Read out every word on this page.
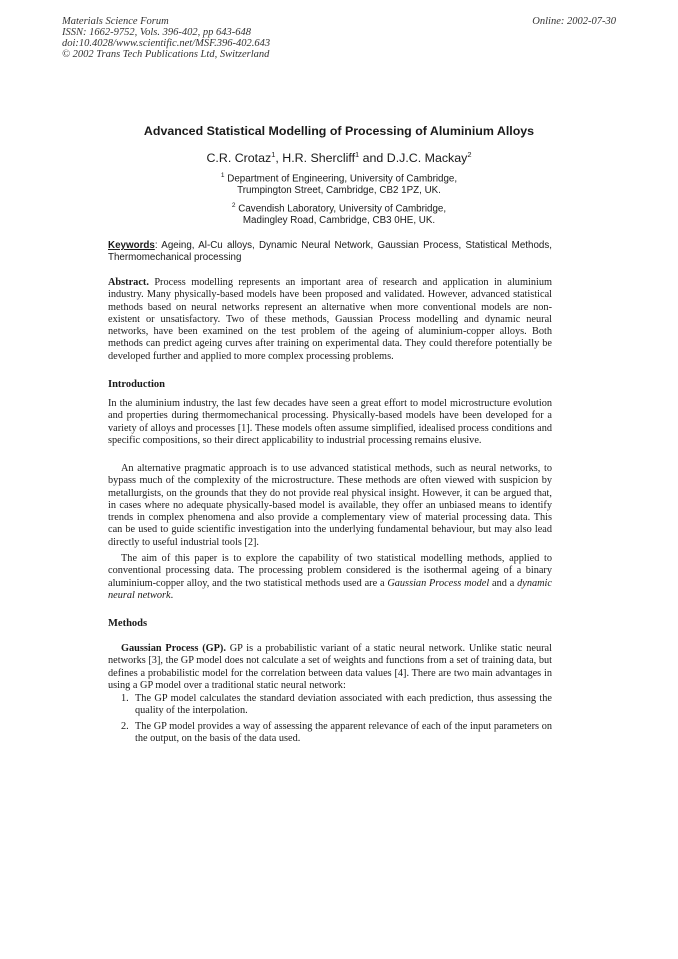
Materials Science Forum
ISSN: 1662-9752, Vols. 396-402, pp 643-648
doi:10.4028/www.scientific.net/MSF.396-402.643
© 2002 Trans Tech Publications Ltd, Switzerland
Online: 2002-07-30
Advanced Statistical Modelling of Processing of Aluminium Alloys
C.R. Crotaz$^1$, H.R. Shercliff$^1$ and D.J.C. Mackay$^2$
$^1$ Department of Engineering, University of Cambridge,
Trumpington Street, Cambridge, CB2 1PZ, UK.
$^2$ Cavendish Laboratory, University of Cambridge,
Madingley Road, Cambridge, CB3 0HE, UK.
Keywords: Ageing, Al-Cu alloys, Dynamic Neural Network, Gaussian Process, Statistical Methods, Thermomechanical processing

Abstract. Process modelling represents an important area of research and application in aluminium industry. Many physically-based models have been proposed and validated. However, advanced statistical methods based on neural networks represent an alternative when more conventional models are non-existent or unsatisfactory. Two of these methods, Gaussian Process modelling and dynamic neural networks, have been examined on the test problem of the ageing of aluminium-copper alloys. Both methods can predict ageing curves after training on experimental data. They could therefore potentially be developed further and applied to more complex processing problems.

Introduction

In the aluminium industry, the last few decades have seen a great effort to model microstructure evolution and properties during thermomechanical processing. Physically-based models have been developed for a variety of alloys and processes [1]. These models often assume simplified, idealised process conditions and specific compositions, so their direct applicability to industrial processing remains elusive.

An alternative pragmatic approach is to use advanced statistical methods, such as neural networks, to bypass much of the complexity of the microstructure. These methods are often viewed with suspicion by metallurgists, on the grounds that they do not provide real physical insight. However, it can be argued that, in cases where no adequate physically-based model is available, they offer an unbiased means to identify trends in complex phenomena and also provide a complementary view of material processing data. This can be used to guide scientific investigation into the underlying fundamental behaviour, but may also lead directly to useful industrial tools [2].

The aim of this paper is to explore the capability of two statistical modelling methods, applied to conventional processing data. The processing problem considered is the isothermal ageing of a binary aluminium-copper alloy, and the two statistical methods used are a Gaussian Process model and a dynamic neural network.

Methods

Gaussian Process (GP). GP is a probabilistic variant of a static neural network. Unlike static neural networks [3], the GP model does not calculate a set of weights and functions from a set of training data, but defines a probabilistic model for the correlation between data values [4]. There are two main advantages in using a GP model over a traditional static neural network:

1. The GP model calculates the standard deviation associated with each prediction, thus assessing the quality of the interpolation.
2. The GP model provides a way of assessing the apparent relevance of each of the input parameters on the output, on the basis of the data used.
